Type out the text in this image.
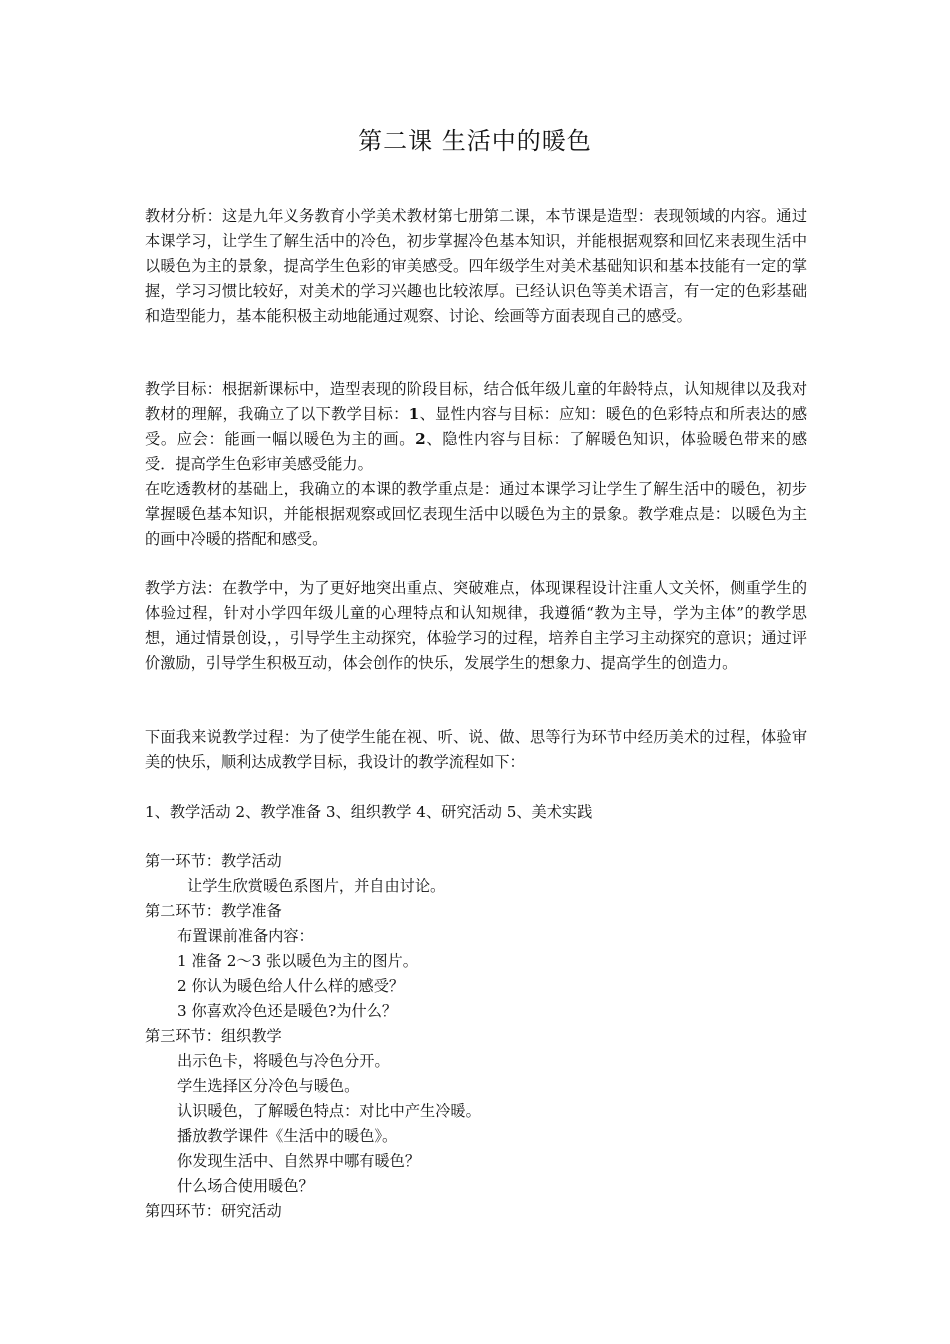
第二课 生活中的暖色

教材分析：这是九年义务教育小学美术教材第七册第二课，本节课是造型：表现领域的内容。通过本课学习，让学生了解生活中的冷色，初步掌握冷色基本知识，并能根据观察和回忆来表现生活中以暖色为主的景象，提高学生色彩的审美感受。四年级学生对美术基础知识和基本技能有一定的掌握，学习习惯比较好，对美术的学习兴趣也比较浓厚。已经认识色等美术语言，有一定的色彩基础和造型能力，基本能积极主动地能通过观察、讨论、绘画等方面表现自己的感受。

教学目标：根据新课标中，造型表现的阶段目标，结合低年级儿童的年龄特点，认知规律以及我对教材的理解，我确立了以下教学目标：1、显性内容与目标：应知：暖色的色彩特点和所表达的感受。应会：能画一幅以暖色为主的画。2、隐性内容与目标：了解暖色知识，体验暖色带来的感受．提高学生色彩审美感受能力。

在吃透教材的基础上，我确立的本课的教学重点是：通过本课学习让学生了解生活中的暖色，初步掌握暖色基本知识，并能根据观察或回忆表现生活中以暖色为主的景象。教学难点是：以暖色为主的画中冷暖的搭配和感受。

教学方法：在教学中，为了更好地突出重点、突破难点，体现课程设计注重人文关怀，侧重学生的体验过程，针对小学四年级儿童的心理特点和认知规律，我遵循“教为主导，学为主体”的教学思想，通过情景创设，，引导学生主动探究，体验学习的过程，培养自主学习主动探究的意识；通过评价激励，引导学生积极互动，体会创作的快乐，发展学生的想象力、提高学生的创造力。

下面我来说教学过程：为了使学生能在视、听、说、做、思等行为环节中经历美术的过程，体验审美的快乐，顺利达成教学目标，我设计的教学流程如下：

1、教学活动 2、教学准备 3、组织教学 4、研究活动 5、美术实践
第一环节：教学活动
让学生欣赏暖色系图片，并自由讨论。
第二环节：教学准备
布置课前准备内容：
1 准备 2～3 张以暖色为主的图片。
2 你认为暖色给人什么样的感受？
3 你喜欢冷色还是暖色?为什么？
第三环节：组织教学
出示色卡，将暖色与冷色分开。
学生选择区分冷色与暖色。
认识暖色，了解暖色特点：对比中产生冷暖。
播放教学课件《生活中的暖色》。
你发现生活中、自然界中哪有暖色？
什么场合使用暖色？
第四环节：研究活动
